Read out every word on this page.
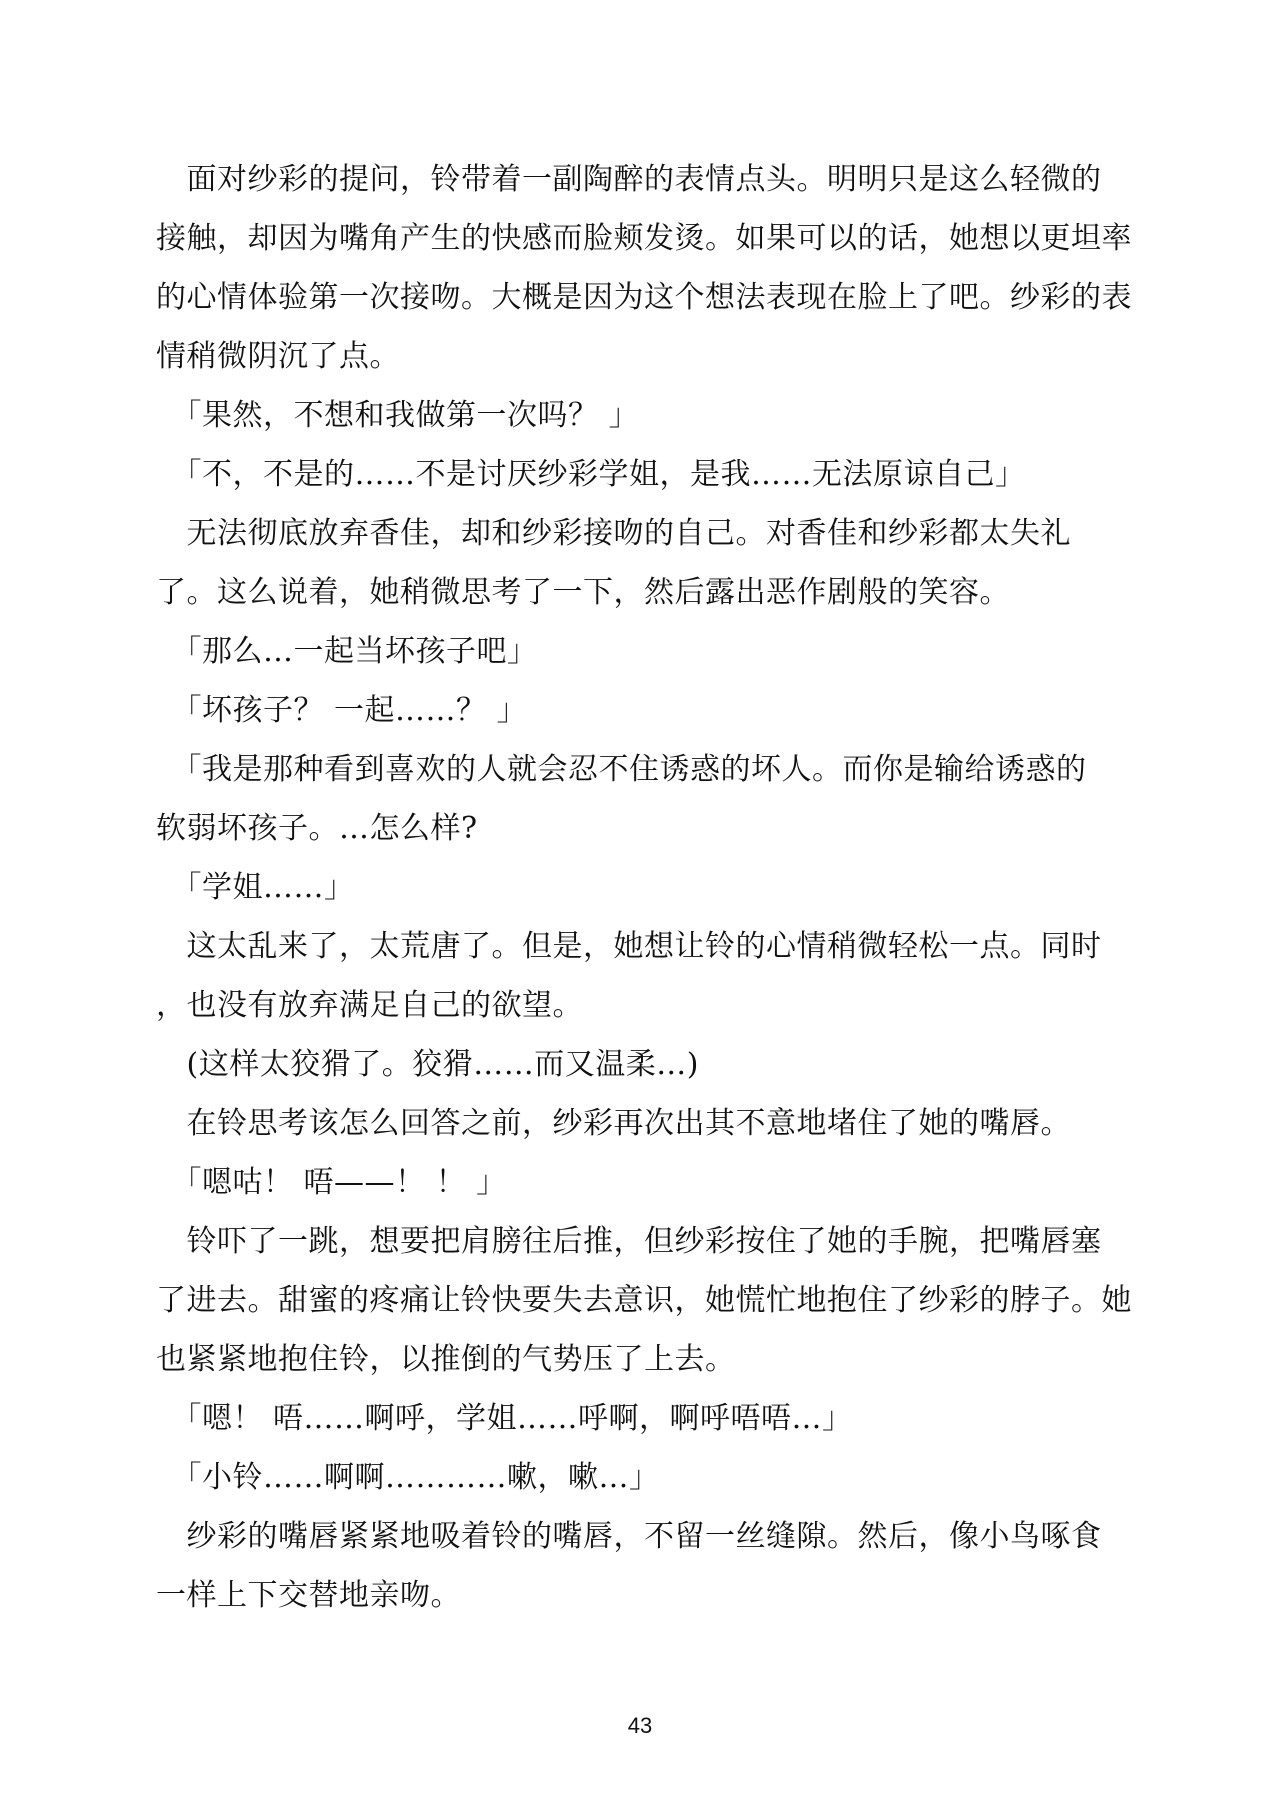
　面对纱彩的提问，铃带着一副陶醉的表情点头。明明只是这么轻微的

接触，却因为嘴角产生的快感而脸颊发烫。如果可以的话，她想以更坦率

的心情体验第一次接吻。大概是因为这个想法表现在脸上了吧。纱彩的表

情稍微阴沉了点。

　「果然，不想和我做第一次吗？ 」

　「不，不是的……不是讨厌纱彩学姐，是我……无法原谅自己」

　无法彻底放弃香佳，却和纱彩接吻的自己。对香佳和纱彩都太失礼

了。这么说着，她稍微思考了一下，然后露出恶作剧般的笑容。

　「那么…一起当坏孩子吧」

　「坏孩子？ 一起……？ 」

　「我是那种看到喜欢的人就会忍不住诱惑的坏人。而你是输给诱惑的

软弱坏孩子。…怎么样?

　「学姐……」

　这太乱来了，太荒唐了。但是，她想让铃的心情稍微轻松一点。同时

，也没有放弃满足自己的欲望。

　(这样太狡猾了。狡猾……而又温柔…)

　在铃思考该怎么回答之前，纱彩再次出其不意地堵住了她的嘴唇。

　「嗯咕！ 唔——！ ！ 」

　铃吓了一跳，想要把肩膀往后推，但纱彩按住了她的手腕，把嘴唇塞

了进去。甜蜜的疼痛让铃快要失去意识，她慌忙地抱住了纱彩的脖子。她

也紧紧地抱住铃，以推倒的气势压了上去。

　「嗯！ 唔……啊呼，学姐……呼啊，啊呼唔唔…」

　「小铃……啊啊…………嗽，嗽…」

　纱彩的嘴唇紧紧地吸着铃的嘴唇，不留一丝缝隙。然后，像小鸟啄食

一样上下交替地亲吻。

43
